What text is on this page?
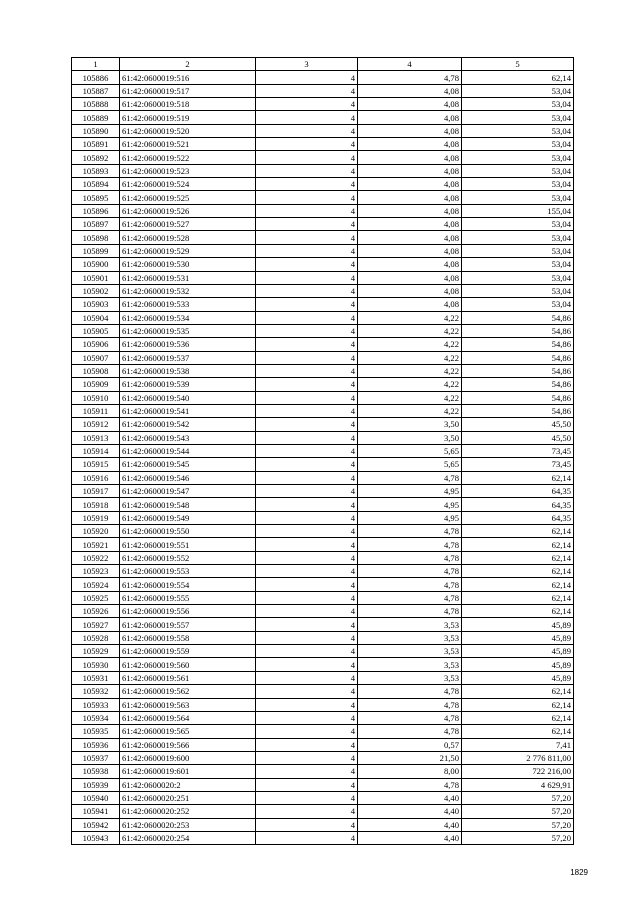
1	2	3	4	5
105886	61:42:0600019:516	4	4,78	62,14
105887	61:42:0600019:517	4	4,08	53,04
105888	61:42:0600019:518	4	4,08	53,04
105889	61:42:0600019:519	4	4,08	53,04
105890	61:42:0600019:520	4	4,08	53,04
105891	61:42:0600019:521	4	4,08	53,04
105892	61:42:0600019:522	4	4,08	53,04
105893	61:42:0600019:523	4	4,08	53,04
105894	61:42:0600019:524	4	4,08	53,04
105895	61:42:0600019:525	4	4,08	53,04
105896	61:42:0600019:526	4	4,08	155,04
105897	61:42:0600019:527	4	4,08	53,04
105898	61:42:0600019:528	4	4,08	53,04
105899	61:42:0600019:529	4	4,08	53,04
105900	61:42:0600019:530	4	4,08	53,04
105901	61:42:0600019:531	4	4,08	53,04
105902	61:42:0600019:532	4	4,08	53,04
105903	61:42:0600019:533	4	4,08	53,04
105904	61:42:0600019:534	4	4,22	54,86
105905	61:42:0600019:535	4	4,22	54,86
105906	61:42:0600019:536	4	4,22	54,86
105907	61:42:0600019:537	4	4,22	54,86
105908	61:42:0600019:538	4	4,22	54,86
105909	61:42:0600019:539	4	4,22	54,86
105910	61:42:0600019:540	4	4,22	54,86
105911	61:42:0600019:541	4	4,22	54,86
105912	61:42:0600019:542	4	3,50	45,50
105913	61:42:0600019:543	4	3,50	45,50
105914	61:42:0600019:544	4	5,65	73,45
105915	61:42:0600019:545	4	5,65	73,45
105916	61:42:0600019:546	4	4,78	62,14
105917	61:42:0600019:547	4	4,95	64,35
105918	61:42:0600019:548	4	4,95	64,35
105919	61:42:0600019:549	4	4,95	64,35
105920	61:42:0600019:550	4	4,78	62,14
105921	61:42:0600019:551	4	4,78	62,14
105922	61:42:0600019:552	4	4,78	62,14
105923	61:42:0600019:553	4	4,78	62,14
105924	61:42:0600019:554	4	4,78	62,14
105925	61:42:0600019:555	4	4,78	62,14
105926	61:42:0600019:556	4	4,78	62,14
105927	61:42:0600019:557	4	3,53	45,89
105928	61:42:0600019:558	4	3,53	45,89
105929	61:42:0600019:559	4	3,53	45,89
105930	61:42:0600019:560	4	3,53	45,89
105931	61:42:0600019:561	4	3,53	45,89
105932	61:42:0600019:562	4	4,78	62,14
105933	61:42:0600019:563	4	4,78	62,14
105934	61:42:0600019:564	4	4,78	62,14
105935	61:42:0600019:565	4	4,78	62,14
105936	61:42:0600019:566	4	0,57	7,41
105937	61:42:0600019:600	4	21,50	2 776 811,00
105938	61:42:0600019:601	4	8,00	722 216,00
105939	61:42:0600020:2	4	4,78	4 629,91
105940	61:42:0600020:251	4	4,40	57,20
105941	61:42:0600020:252	4	4,40	57,20
105942	61:42:0600020:253	4	4,40	57,20
105943	61:42:0600020:254	4	4,40	57,20
1829
